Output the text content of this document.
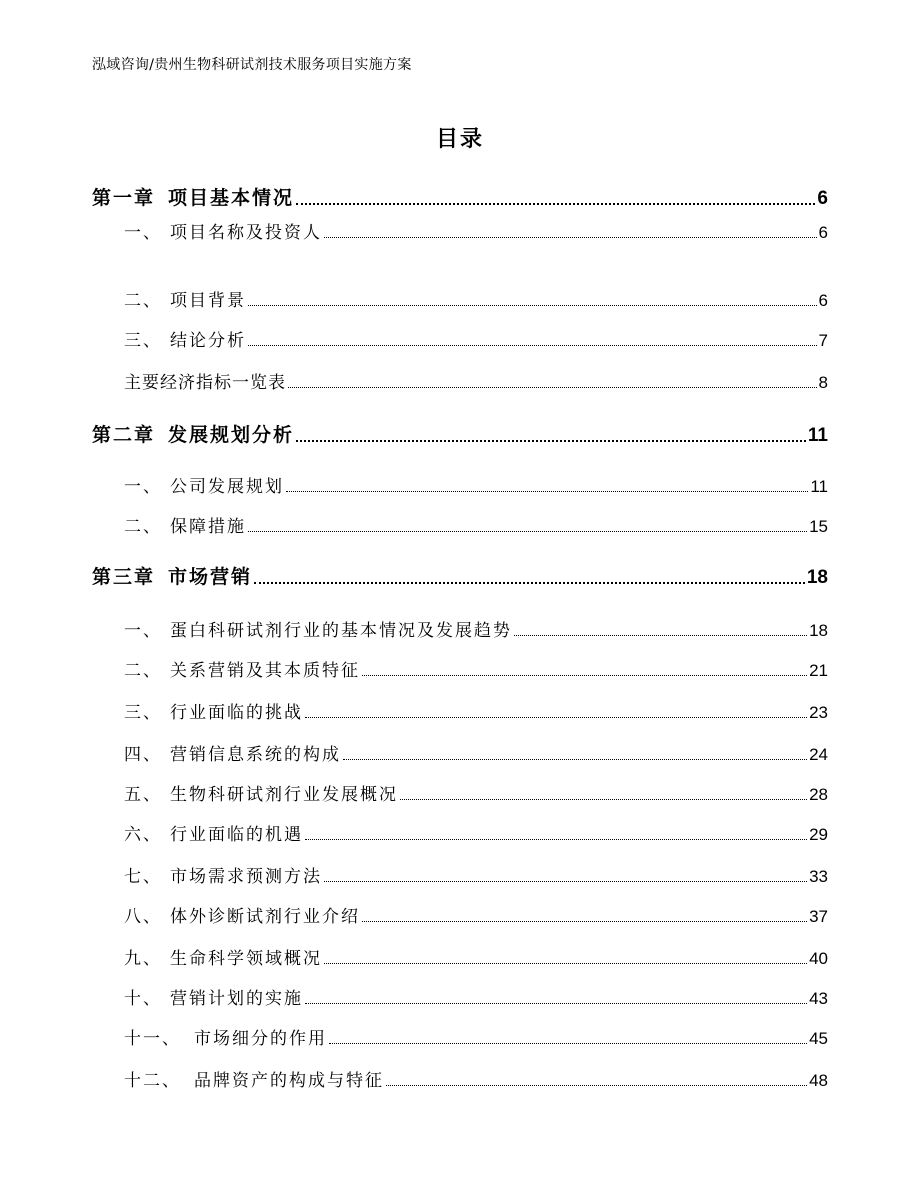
泓域咨询/贵州生物科研试剂技术服务项目实施方案
目录
第一章 项目基本情况	6
一、 项目名称及投资人	6
二、 项目背景	6
三、 结论分析	7
主要经济指标一览表	8
第二章 发展规划分析	11
一、 公司发展规划	11
二、 保障措施	15
第三章 市场营销	18
一、 蛋白科研试剂行业的基本情况及发展趋势	18
二、 关系营销及其本质特征	21
三、 行业面临的挑战	23
四、 营销信息系统的构成	24
五、 生物科研试剂行业发展概况	28
六、 行业面临的机遇	29
七、 市场需求预测方法	33
八、 体外诊断试剂行业介绍	37
九、 生命科学领域概况	40
十、 营销计划的实施	43
十一、 市场细分的作用	45
十二、 品牌资产的构成与特征	48
